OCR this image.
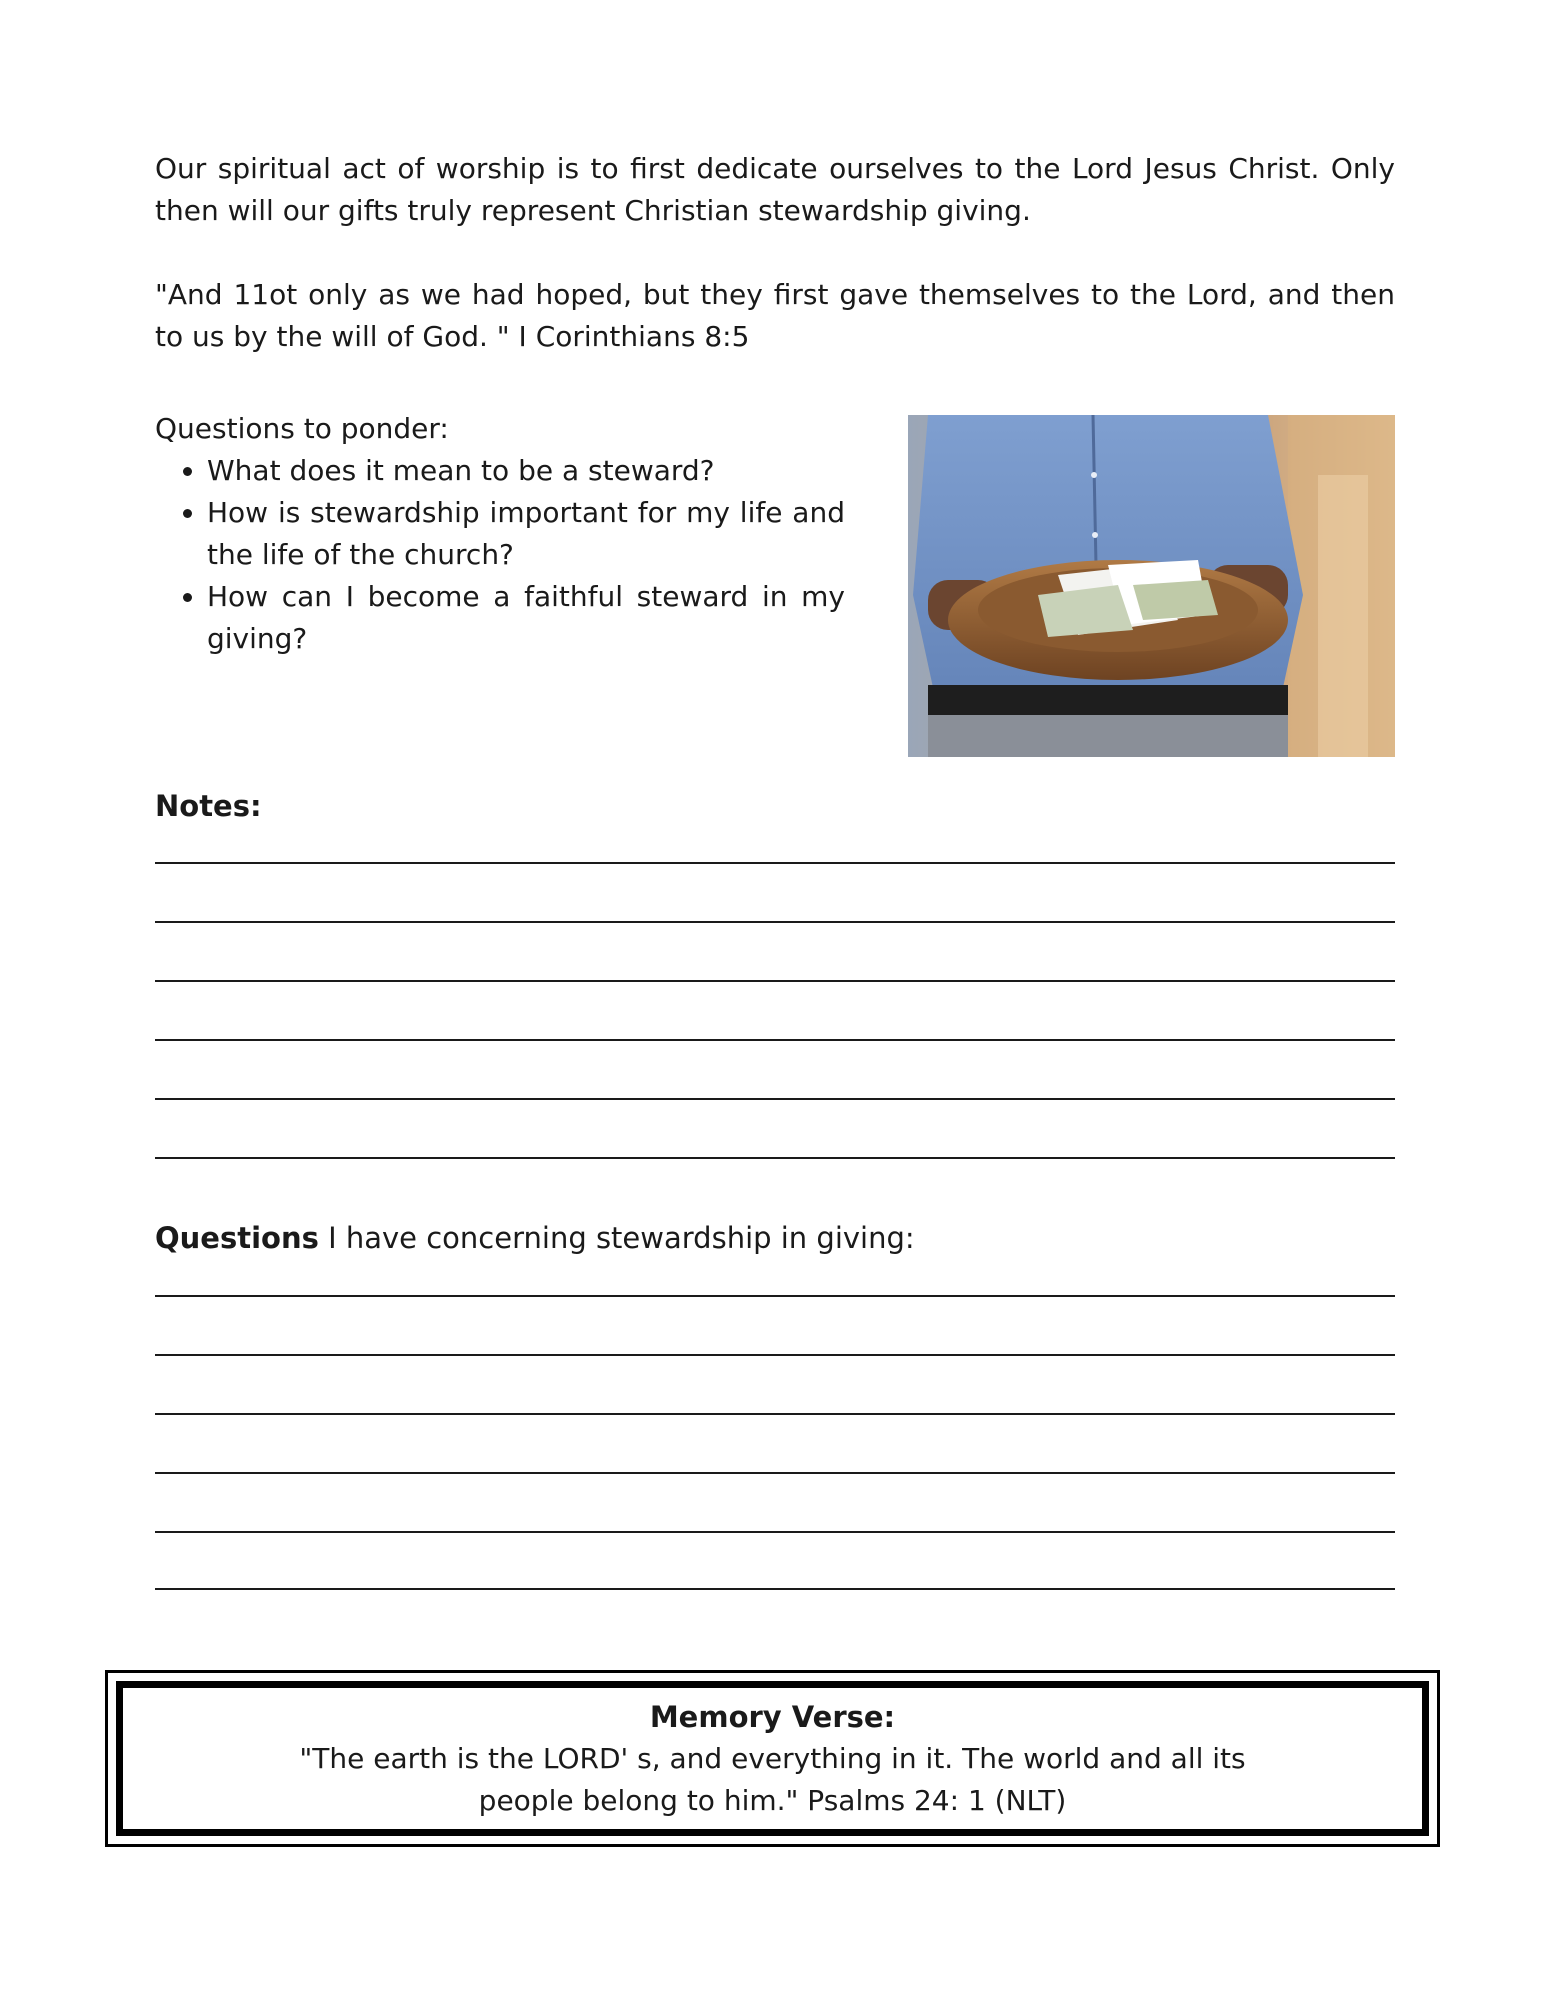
Our spiritual act of worship is to first dedicate ourselves to the Lord Jesus Christ. Only then will our gifts truly represent Christian stewardship giving.

"And 11ot only as we had hoped, but they first gave themselves to the Lord, and then to us by the will of God. " I Corinthians 8:5

Questions to ponder:

• What does it mean to be a steward?
• How is stewardship important for my life and the life of the church?
• How can I become a faithful steward in my giving?

Notes:

Questions I have concerning stewardship in giving:

Memory Verse:

"The earth is the LORD' s, and everything in it. The world and all its
people belong to him." Psalms 24: 1 (NLT)
